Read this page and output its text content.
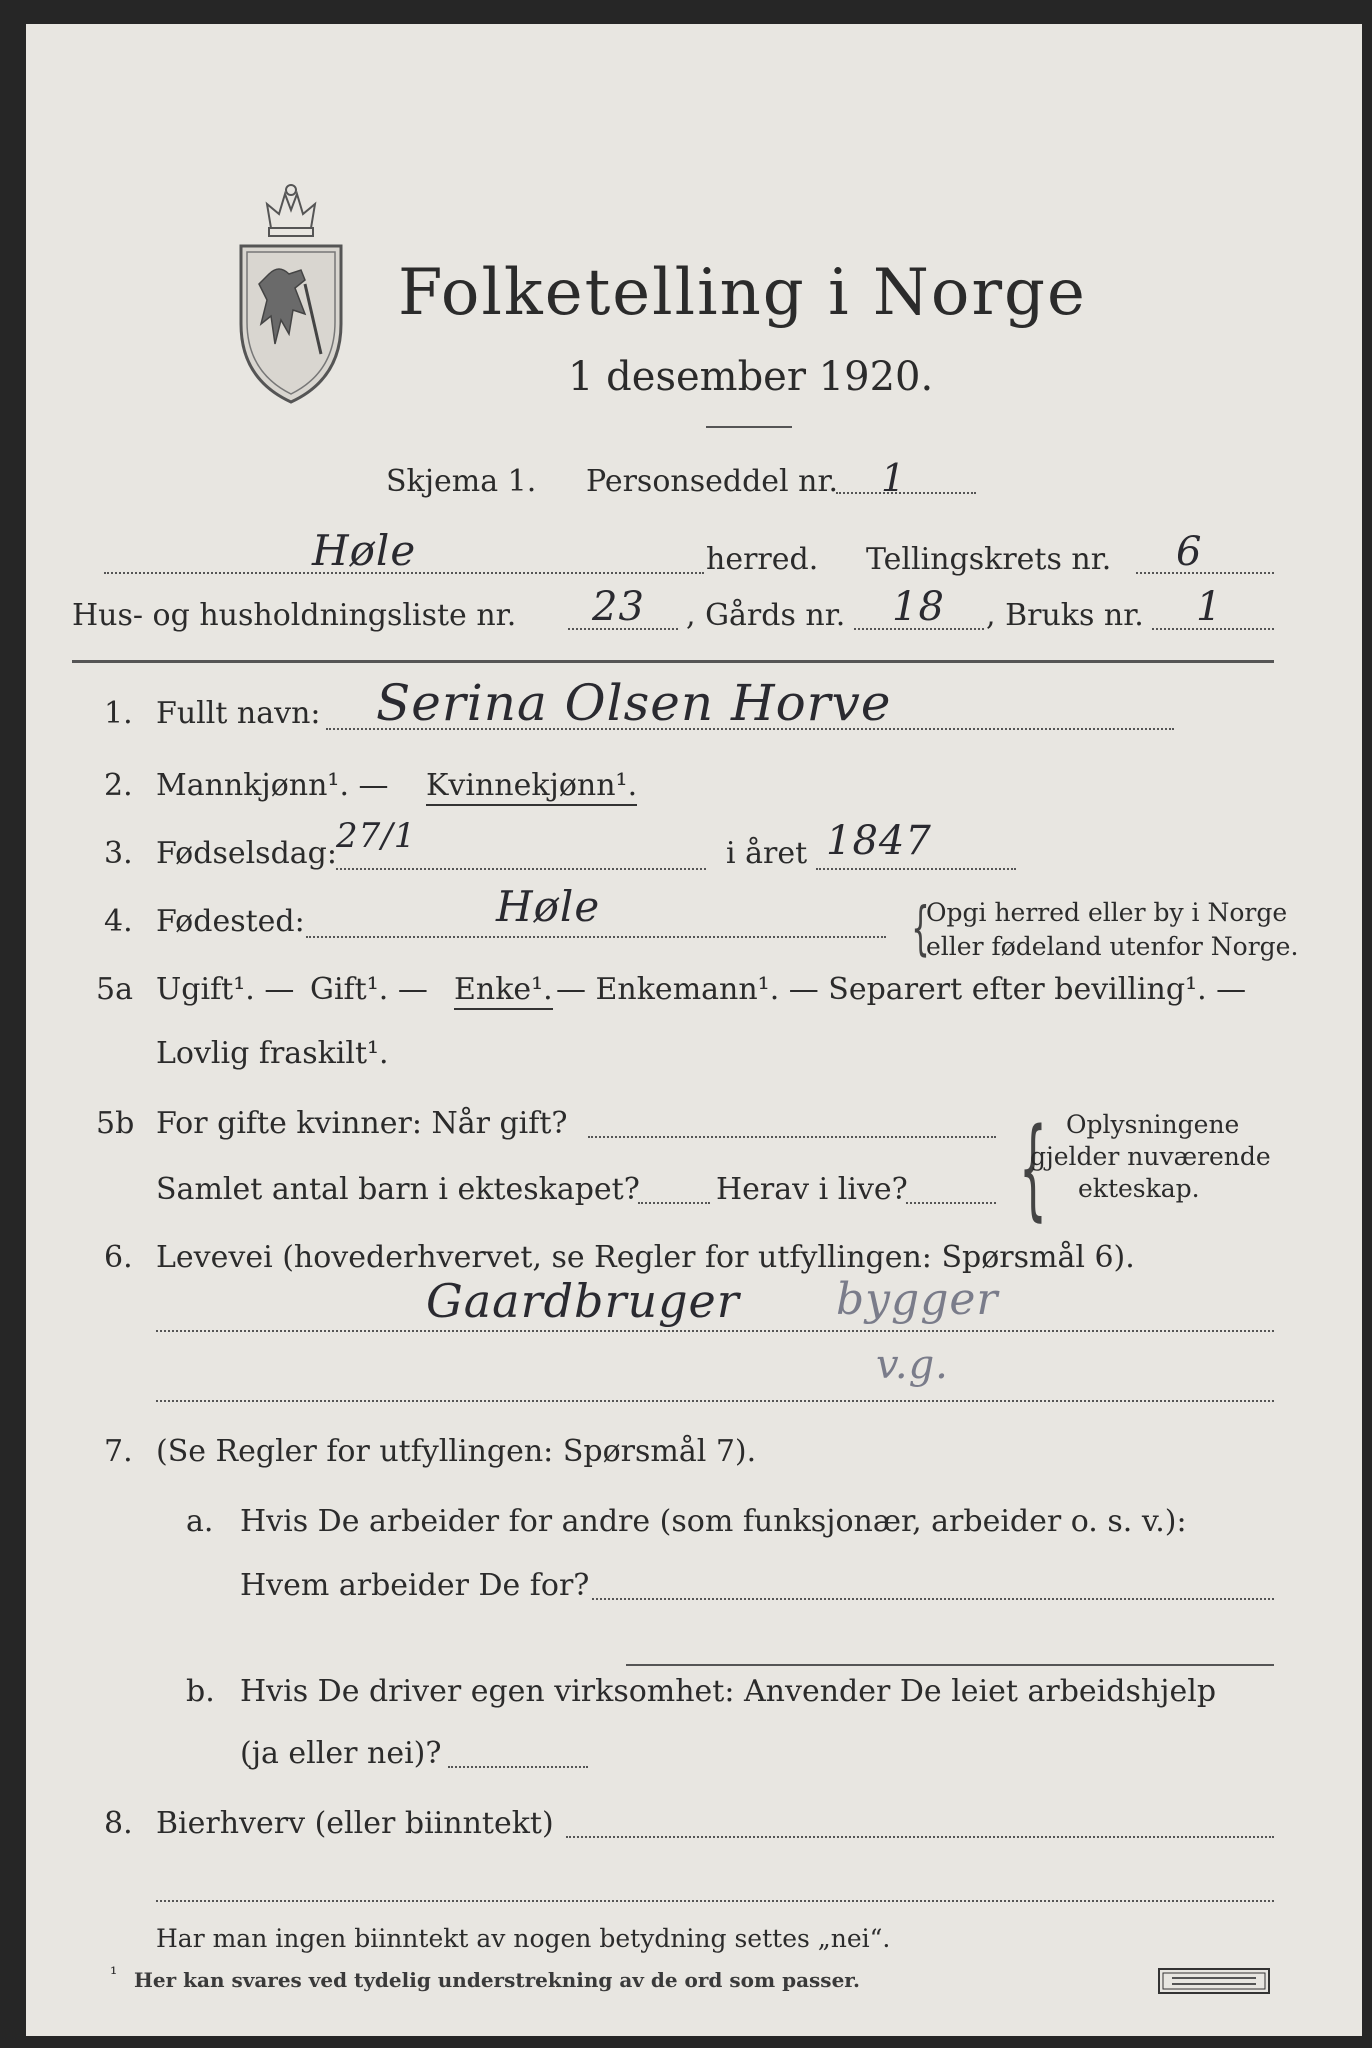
Folketelling i Norge
1 desember 1920.
Skjema 1. Personseddel nr. 1
Høle	herred. Tellingskrets nr. 6
Hus- og husholdningsliste nr. 23 , Gårds nr. 18 , Bruks nr. 1
1. Fullt navn: Serina Olsen Horve
2. Mannkjønn¹. — Kvinnekjønn¹.
3. Fødselsdag: 27/1	i året 1847
4. Fødested:	Høle	{
Opgi herred eller by i Norge
eller fødeland utenfor Norge.
5a Ugift¹. — Gift¹. — Enke¹. — Enkemann¹. — Separert efter bevilling¹. —
Lovlig fraskilt¹.
5b For gifte kvinner: Når gift?
Samlet antal barn i ekteskapet?	Herav i live? { Oplysningene
gjelder nuværende
ekteskap.
6. Levevei (hovederhvervet, se Regler for utfyllingen: Spørsmål 6).
Gaardbruger bygger
v.g.
7. (Se Regler for utfyllingen: Spørsmål 7).
a. Hvis De arbeider for andre (som funksjonær, arbeider o. s. v.):
Hvem arbeider De for?
b. Hvis De driver egen virksomhet: Anvender De leiet arbeidshjelp
(ja eller nei)?
8. Bierhverv (eller biinntekt)
Har man ingen biinntekt av nogen betydning settes „nei“.
¹ Her kan svares ved tydelig understrekning av de ord som passer.
